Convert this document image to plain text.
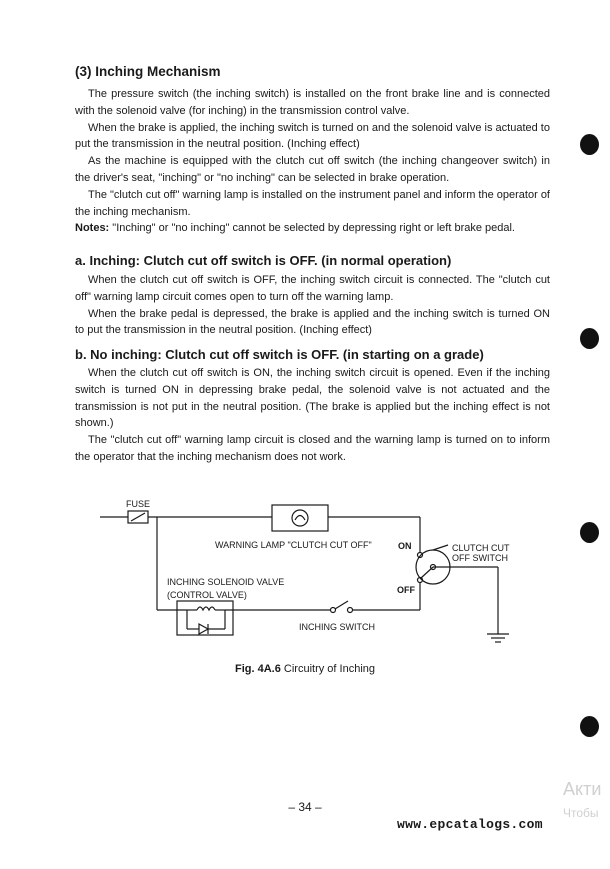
(3) Inching Mechanism

The pressure switch (the inching switch) is installed on the front brake line and is connected with the solenoid valve (for inching) in the transmission control valve.

When the brake is applied, the inching switch is turned on and the solenoid valve is actuated to put the transmission in the neutral position. (Inching effect)

As the machine is equipped with the clutch cut off switch (the inching changeover switch) in the driver's seat, "inching" or "no inching" can be selected in brake operation.

The "clutch cut off" warning lamp is installed on the instrument panel and inform the operator of the inching mechanism.

Notes: "Inching" or "no inching" cannot be selected by depressing right or left brake pedal.

a. Inching: Clutch cut off switch is OFF. (in normal operation)

When the clutch cut off switch is OFF, the inching switch circuit is connected. The "clutch cut off" warning lamp circuit comes open to turn off the warning lamp.

When the brake pedal is depressed, the brake is applied and the inching switch is turned ON to put the transmission in the neutral position. (Inching effect)

b. No inching: Clutch cut off switch is OFF. (in starting on a grade)

When the clutch cut off switch is ON, the inching switch circuit is opened. Even if the inching switch is turned ON in depressing brake pedal, the solenoid valve is not actuated and the transmission is not put in the neutral position. (The brake is applied but the inching effect is not shown.)

The "clutch cut off" warning lamp circuit is closed and the warning lamp is turned on to inform the operator that the inching mechanism does not work.

FUSE
WARNING LAMP "CLUTCH CUT OFF"	ON
OFF
CLUTCH CUT
OFF SWITCH
INCHING SOLENOID VALVE
(CONTROL VALVE)
INCHING SWITCH
Fig. 4A.6 Circuitry of Inching
– 34 –
www.epcatalogs.com
Акти
Чтобы
